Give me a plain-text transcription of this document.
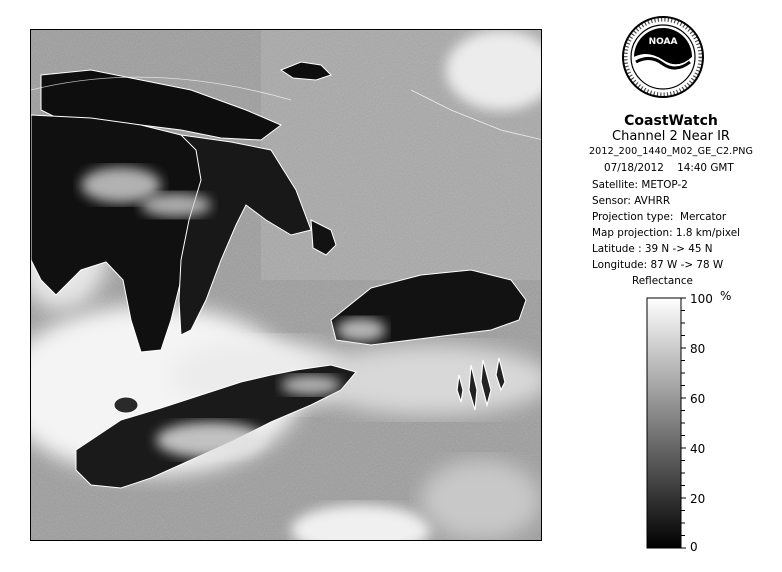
NOAA
CoastWatch
Channel 2 Near IR
2012_200_1440_M02_GE_C2.PNG
07/18/2012    14:40 GMT
Satellite: METOP-2
Sensor: AVHRR
Projection type:  Mercator
Map projection: 1.8 km/pixel
Latitude : 39 N -> 45 N
Longitude: 87 W -> 78 W
Reflectance
%
100
80
60
40
20
0
